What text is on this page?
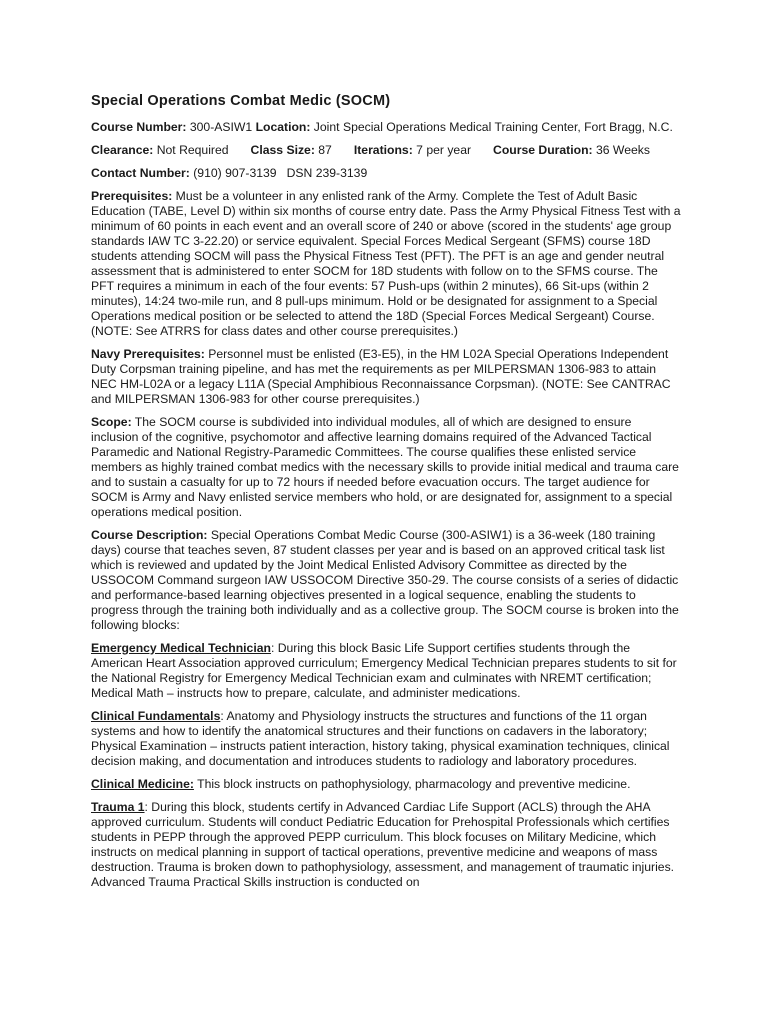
Special Operations Combat Medic (SOCM)
Course Number: 300-ASIW1 Location: Joint Special Operations Medical Training Center, Fort Bragg, N.C.
Clearance: Not Required Class Size: 87 Iterations: 7 per year Course Duration: 36 Weeks
Contact Number: (910) 907-3139 DSN 239-3139
Prerequisites: Must be a volunteer in any enlisted rank of the Army. Complete the Test of Adult Basic Education (TABE, Level D) within six months of course entry date. Pass the Army Physical Fitness Test with a minimum of 60 points in each event and an overall score of 240 or above (scored in the students' age group standards IAW TC 3-22.20) or service equivalent. Special Forces Medical Sergeant (SFMS) course 18D students attending SOCM will pass the Physical Fitness Test (PFT). The PFT is an age and gender neutral assessment that is administered to enter SOCM for 18D students with follow on to the SFMS course. The PFT requires a minimum in each of the four events: 57 Push-ups (within 2 minutes), 66 Sit-ups (within 2 minutes), 14:24 two-mile run, and 8 pull-ups minimum. Hold or be designated for assignment to a Special Operations medical position or be selected to attend the 18D (Special Forces Medical Sergeant) Course. (NOTE: See ATRRS for class dates and other course prerequisites.)
Navy Prerequisites: Personnel must be enlisted (E3-E5), in the HM L02A Special Operations Independent Duty Corpsman training pipeline, and has met the requirements as per MILPERSMAN 1306-983 to attain NEC HM-L02A or a legacy L11A (Special Amphibious Reconnaissance Corpsman). (NOTE: See CANTRAC and MILPERSMAN 1306-983 for other course prerequisites.)
Scope: The SOCM course is subdivided into individual modules, all of which are designed to ensure inclusion of the cognitive, psychomotor and affective learning domains required of the Advanced Tactical Paramedic and National Registry-Paramedic Committees. The course qualifies these enlisted service members as highly trained combat medics with the necessary skills to provide initial medical and trauma care and to sustain a casualty for up to 72 hours if needed before evacuation occurs. The target audience for SOCM is Army and Navy enlisted service members who hold, or are designated for, assignment to a special operations medical position.
Course Description: Special Operations Combat Medic Course (300-ASIW1) is a 36-week (180 training days) course that teaches seven, 87 student classes per year and is based on an approved critical task list which is reviewed and updated by the Joint Medical Enlisted Advisory Committee as directed by the USSOCOM Command surgeon IAW USSOCOM Directive 350-29. The course consists of a series of didactic and performance-based learning objectives presented in a logical sequence, enabling the students to progress through the training both individually and as a collective group. The SOCM course is broken into the following blocks:
Emergency Medical Technician: During this block Basic Life Support certifies students through the American Heart Association approved curriculum; Emergency Medical Technician prepares students to sit for the National Registry for Emergency Medical Technician exam and culminates with NREMT certification; Medical Math – instructs how to prepare, calculate, and administer medications.
Clinical Fundamentals: Anatomy and Physiology instructs the structures and functions of the 11 organ systems and how to identify the anatomical structures and their functions on cadavers in the laboratory; Physical Examination – instructs patient interaction, history taking, physical examination techniques, clinical decision making, and documentation and introduces students to radiology and laboratory procedures.
Clinical Medicine: This block instructs on pathophysiology, pharmacology and preventive medicine.
Trauma 1: During this block, students certify in Advanced Cardiac Life Support (ACLS) through the AHA approved curriculum. Students will conduct Pediatric Education for Prehospital Professionals which certifies students in PEPP through the approved PEPP curriculum. This block focuses on Military Medicine, which instructs on medical planning in support of tactical operations, preventive medicine and weapons of mass destruction. Trauma is broken down to pathophysiology, assessment, and management of traumatic injuries. Advanced Trauma Practical Skills instruction is conducted on
